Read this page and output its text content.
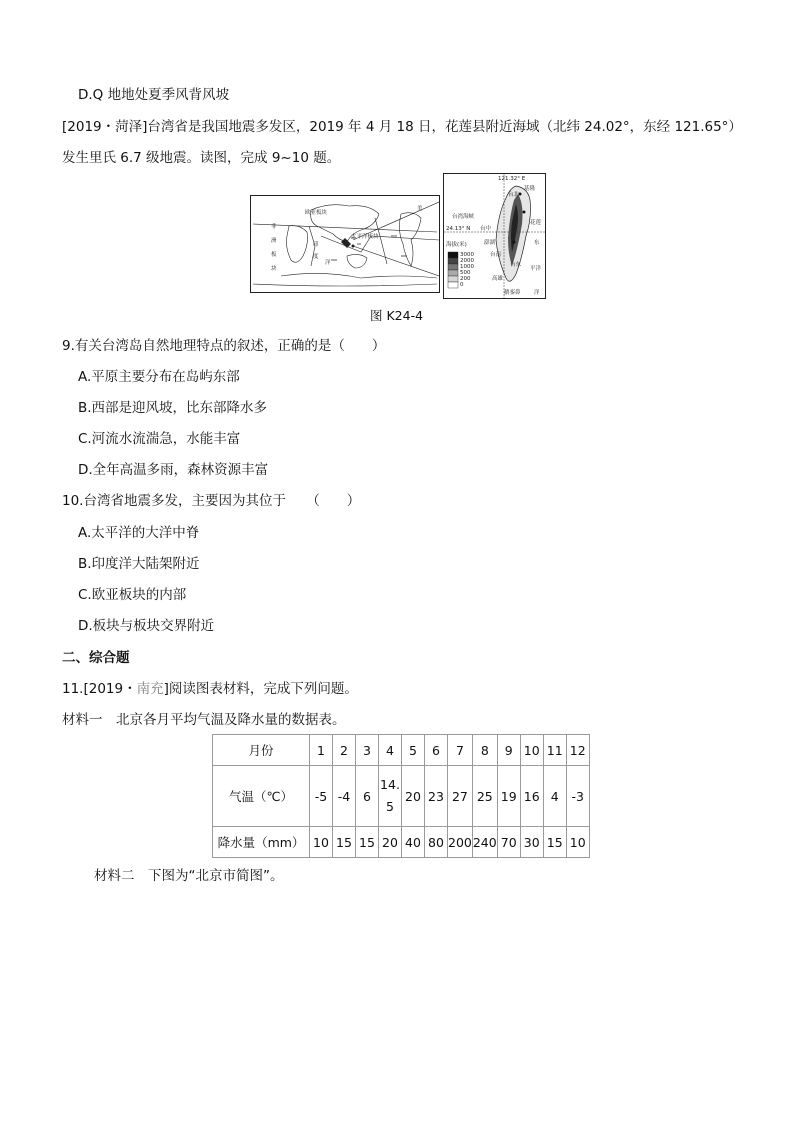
D.Q 地地处夏季风背风坡
[2019・菏泽]台湾省是我国地震多发区，2019 年 4 月 18 日，花莲县附近海域（北纬 24.02°，东经 121.65°）
发生里氏 6.7 级地震。读图，完成 9~10 题。
欧亚板块
太平洋板块
非
洲
板
块
印
度
洋
美
121.32° E
基隆
台北
台湾海峡
24.13° N 台中
花莲
海拔(米)
3000
2000
1000
500
200
0
澎湖
台南
台东
高雄
鹅銮鼻
东
平洋
洋
图 K24-4
9.有关台湾岛自然地理特点的叙述，正确的是（　　）
A.平原主要分布在岛屿东部
B.西部是迎风坡，比东部降水多
C.河流水流湍急，水能丰富
D.全年高温多雨，森林资源丰富
10.台湾省地震多发，主要因为其位于　　（　　）
A.太平洋的大洋中脊
B.印度洋大陆架附近
C.欧亚板块的内部
D.板块与板块交界附近
二、综合题
11.[2019・南充]阅读图表材料，完成下列问题。
材料一　北京各月平均气温及降水量的数据表。
月份	1	2	3	4	5	6	7	8	9	10	11	12
气温（℃）	-5	-4	6	14.5	20	23	27	25	19	16	4	-3
降水量（mm）	10	15	15	20	40	80	200	240	70	30	15	10
材料二　下图为“北京市简图”。
